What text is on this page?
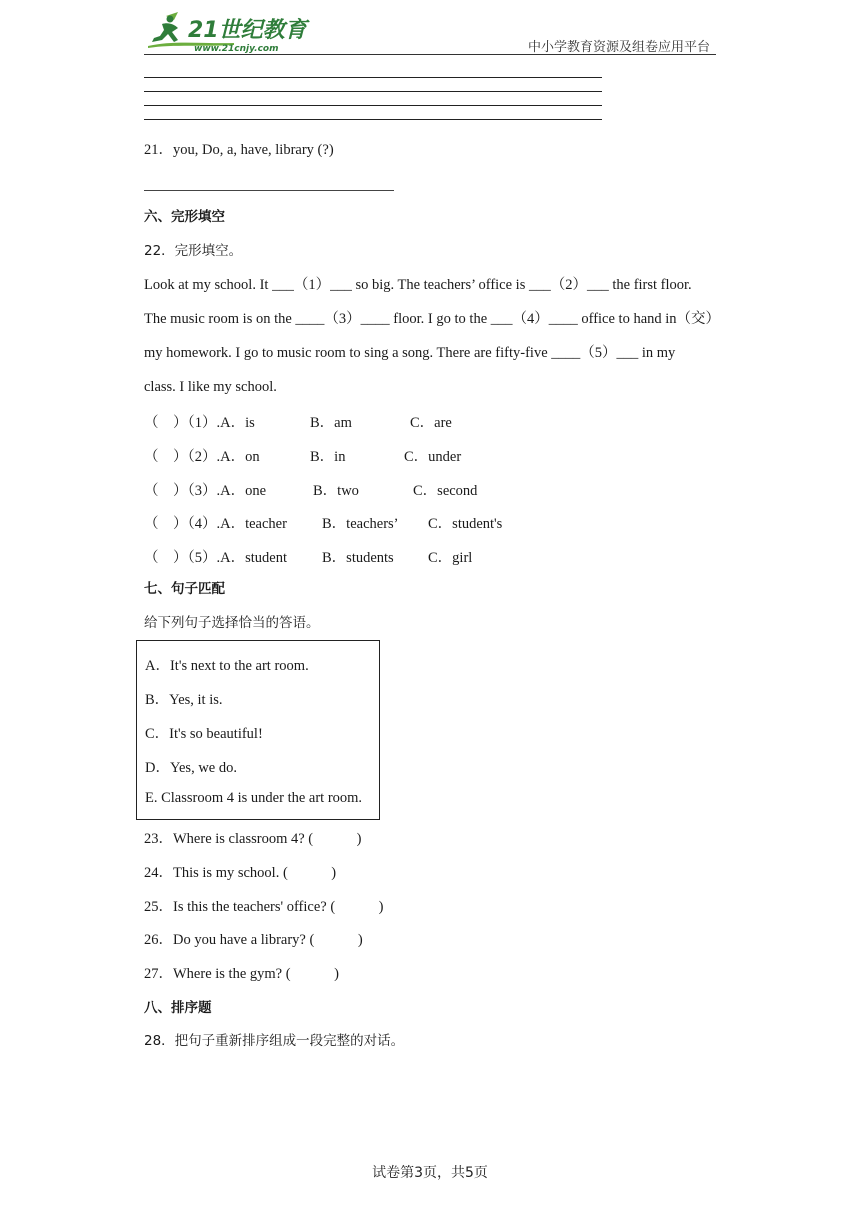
21世纪教育
www.21cnjy.com	中小学教育资源及组卷应用平台
21．you, Do, a, have, library (?)
六、完形填空
22．完形填空。
Look at my school. It ___（1）___ so big. The teachers’ office is ___（2）___ the first floor.
The music room is on the ____（3）____ floor. I go to the ___（4）____ office to hand in（交）
my homework. I go to music room to sing a song. There are fifty-five ____（5）___ in my
class. I like my school.
（　）（1）.A．is	B．am	C．are
（　）（2）.A．on	B．in	C．under
（　）（3）.A．one	B．two	C．second
（　）（4）.A．teacher B．teachers’ C．student's
（　）（5）.A．student B．students C．girl
七、句子匹配
给下列句子选择恰当的答语。
A．It's next to the art room.
B．Yes, it is.
C．It's so beautiful!
D．Yes, we do.
E. Classroom 4 is under the art room.
23．Where is classroom 4? (　　　)
24．This is my school. (　　　)
25．Is this the teachers' office? (　　　)
26．Do you have a library? (　　　)
27．Where is the gym? (　　　)
八、排序题
28．把句子重新排序组成一段完整的对话。
试卷第3页，共5页
